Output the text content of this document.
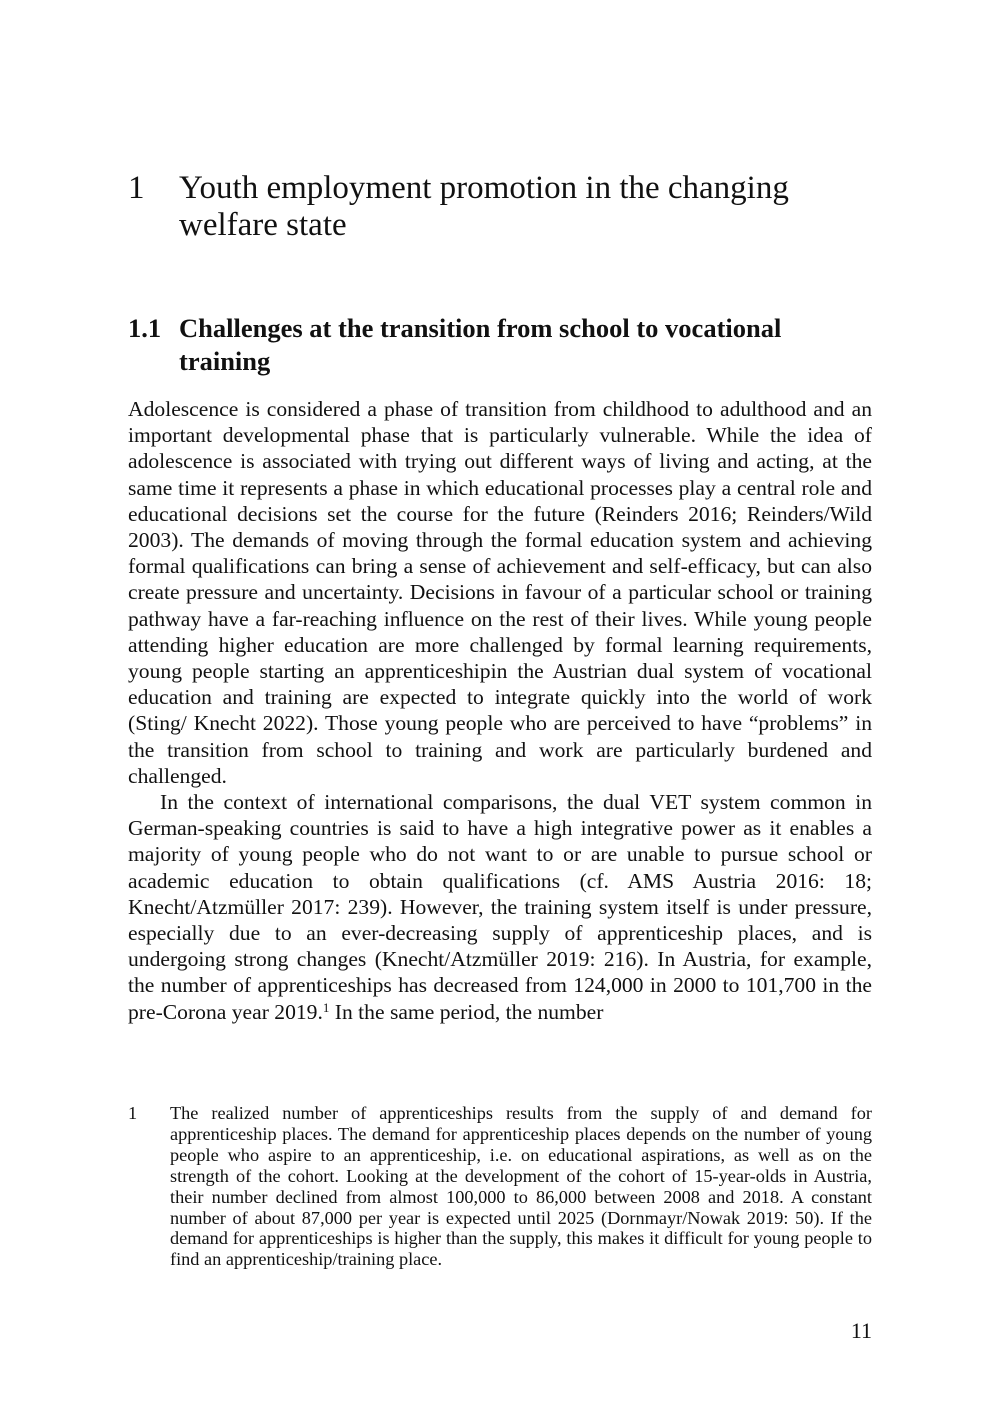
1	Youth employment promotion in the changing welfare state
1.1 Challenges at the transition from school to vocational training

Adolescence is considered a phase of transition from childhood to adulthood and an important developmental phase that is particularly vulnerable. While the idea of adolescence is associated with trying out different ways of living and acting, at the same time it represents a phase in which educational processes play a central role and educational decisions set the course for the future (Reinders 2016; Reinders/Wild 2003). The demands of moving through the formal education system and achieving formal qualifications can bring a sense of achievement and self-efficacy, but can also create pressure and uncertainty. Decisions in favour of a particular school or training pathway have a far-reaching influence on the rest of their lives. While young people attending higher education are more challenged by formal learning requirements, young people starting an apprenticeshipin the Austrian dual system of vocational education and training are expected to integrate quickly into the world of work (Sting/ Knecht 2022). Those young people who are perceived to have “problems” in the transition from school to training and work are particularly burdened and challenged.

In the context of international comparisons, the dual VET system common in German-speaking countries is said to have a high integrative power as it enables a majority of young people who do not want to or are unable to pursue school or academic education to obtain qualifications (cf. AMS Austria 2016: 18; Knecht/Atzmüller 2017: 239). However, the training system itself is under pressure, especially due to an ever-decreasing supply of apprenticeship places, and is undergoing strong changes (Knecht/Atzmüller 2019: 216). In Austria, for example, the number of apprenticeships has decreased from 124,000 in 2000 to 101,700 in the pre-Corona year 2019.$^1$ In the same period, the number

1	The realized number of apprenticeships results from the supply of and demand for apprenticeship places. The demand for apprenticeship places depends on the number of young people who aspire to an apprenticeship, i.e. on educational aspirations, as well as on the strength of the cohort. Looking at the development of the cohort of 15-year-olds in Austria, their number declined from almost 100,000 to 86,000 between 2008 and 2018. A constant number of about 87,000 per year is expected until 2025 (Dornmayr/Nowak 2019: 50). If the demand for apprenticeships is higher than the supply, this makes it difficult for young people to find an apprenticeship/training place.
11
